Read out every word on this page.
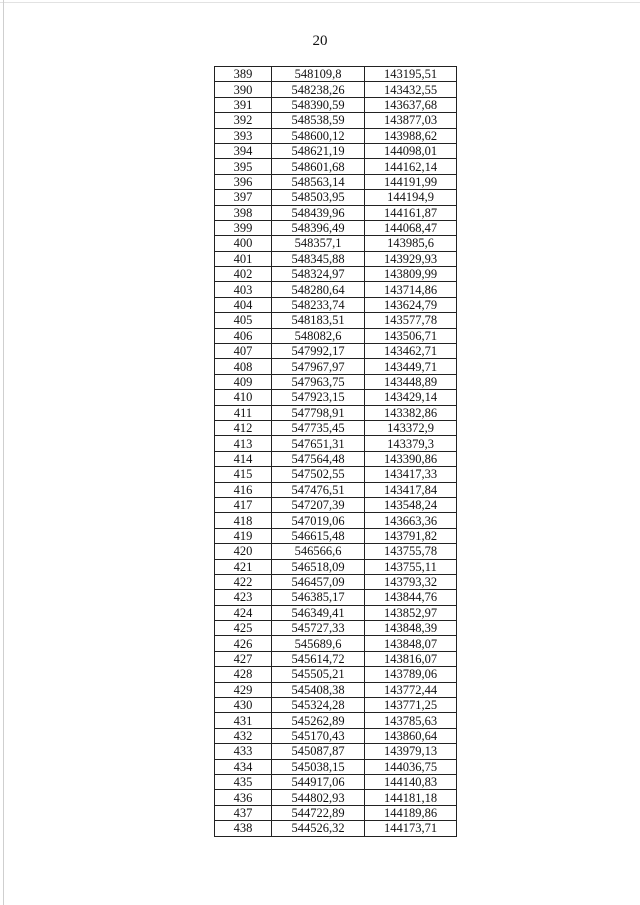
20
389	548109,8	143195,51
390	548238,26	143432,55
391	548390,59	143637,68
392	548538,59	143877,03
393	548600,12	143988,62
394	548621,19	144098,01
395	548601,68	144162,14
396	548563,14	144191,99
397	548503,95	144194,9
398	548439,96	144161,87
399	548396,49	144068,47
400	548357,1	143985,6
401	548345,88	143929,93
402	548324,97	143809,99
403	548280,64	143714,86
404	548233,74	143624,79
405	548183,51	143577,78
406	548082,6	143506,71
407	547992,17	143462,71
408	547967,97	143449,71
409	547963,75	143448,89
410	547923,15	143429,14
411	547798,91	143382,86
412	547735,45	143372,9
413	547651,31	143379,3
414	547564,48	143390,86
415	547502,55	143417,33
416	547476,51	143417,84
417	547207,39	143548,24
418	547019,06	143663,36
419	546615,48	143791,82
420	546566,6	143755,78
421	546518,09	143755,11
422	546457,09	143793,32
423	546385,17	143844,76
424	546349,41	143852,97
425	545727,33	143848,39
426	545689,6	143848,07
427	545614,72	143816,07
428	545505,21	143789,06
429	545408,38	143772,44
430	545324,28	143771,25
431	545262,89	143785,63
432	545170,43	143860,64
433	545087,87	143979,13
434	545038,15	144036,75
435	544917,06	144140,83
436	544802,93	144181,18
437	544722,89	144189,86
438	544526,32	144173,71
